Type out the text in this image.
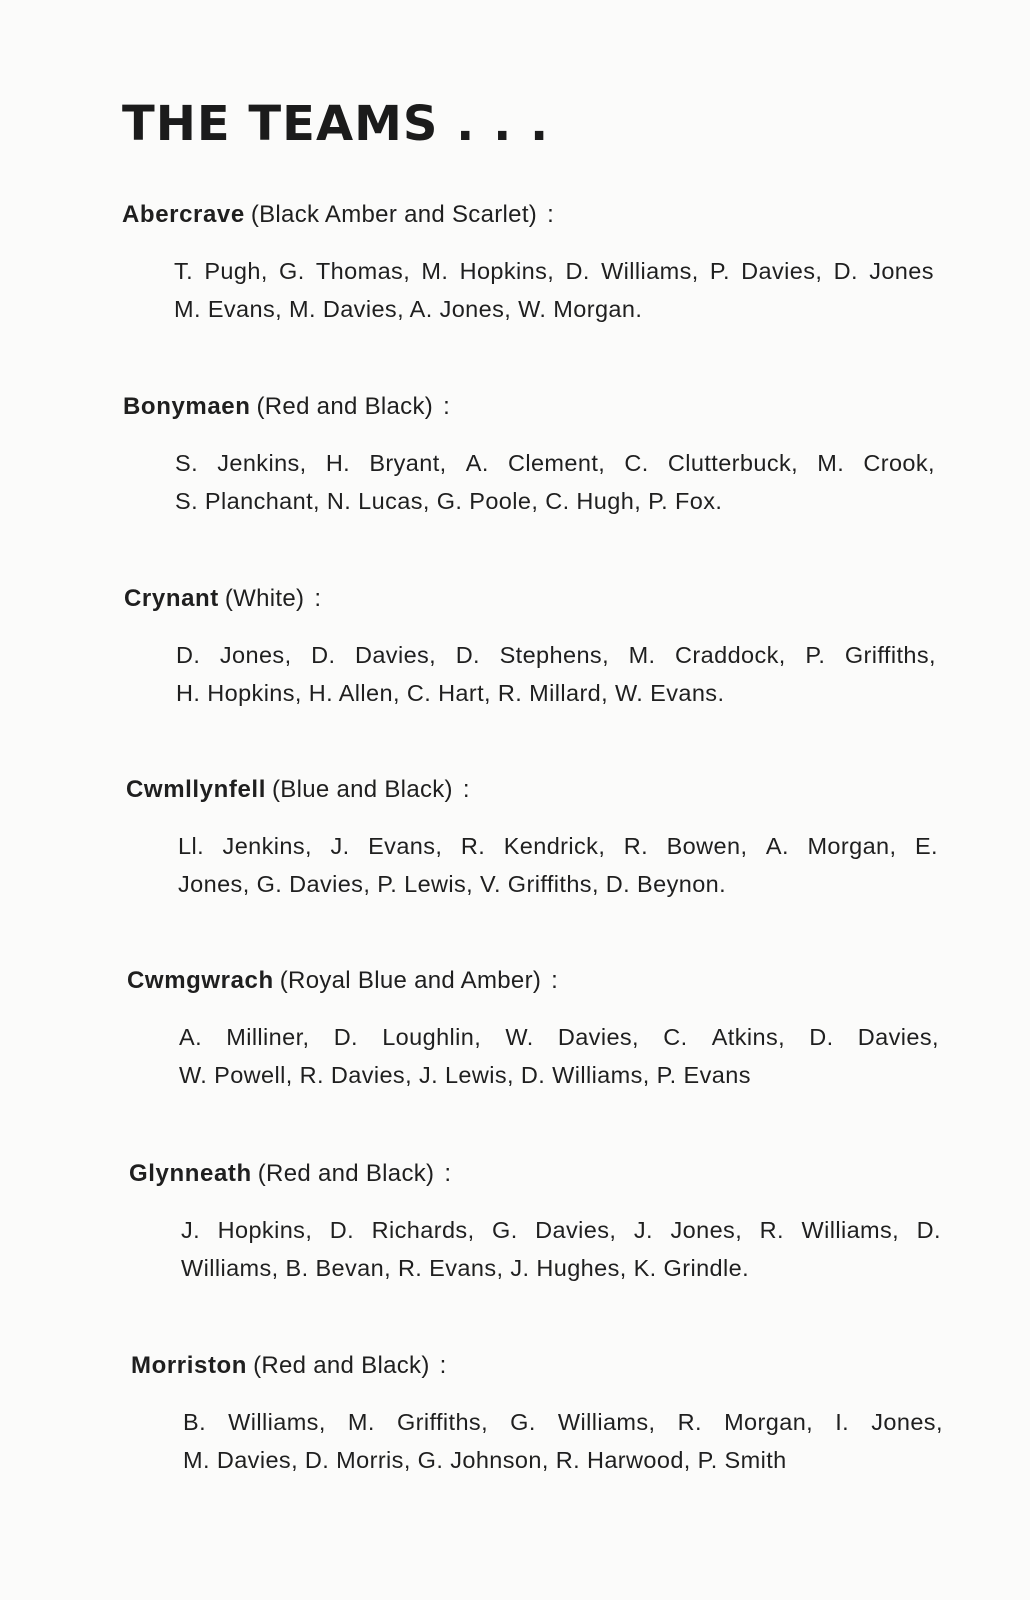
THE TEAMS . . .
Abercrave (Black Amber and Scarlet) :
T. Pugh, G. Thomas, M. Hopkins, D. Williams, P. Davies, D. Jones
M. Evans, M. Davies, A. Jones, W. Morgan.
Bonymaen (Red and Black) :
S. Jenkins, H. Bryant, A. Clement, C. Clutterbuck, M. Crook,
S. Planchant, N. Lucas, G. Poole, C. Hugh, P. Fox.
Crynant (White) :
D. Jones, D. Davies, D. Stephens, M. Craddock, P. Griffiths,
H. Hopkins, H. Allen, C. Hart, R. Millard, W. Evans.
Cwmllynfell (Blue and Black) :
Ll. Jenkins, J. Evans, R. Kendrick, R. Bowen, A. Morgan, E.
Jones, G. Davies, P. Lewis, V. Griffiths, D. Beynon.
Cwmgwrach (Royal Blue and Amber) :
A. Milliner, D. Loughlin, W. Davies, C. Atkins, D. Davies,
W. Powell, R. Davies, J. Lewis, D. Williams, P. Evans
Glynneath (Red and Black) :
J. Hopkins, D. Richards, G. Davies, J. Jones, R. Williams, D.
Williams, B. Bevan, R. Evans, J. Hughes, K. Grindle.
Morriston (Red and Black) :
B. Williams, M. Griffiths, G. Williams, R. Morgan, I. Jones,
M. Davies, D. Morris, G. Johnson, R. Harwood, P. Smith
